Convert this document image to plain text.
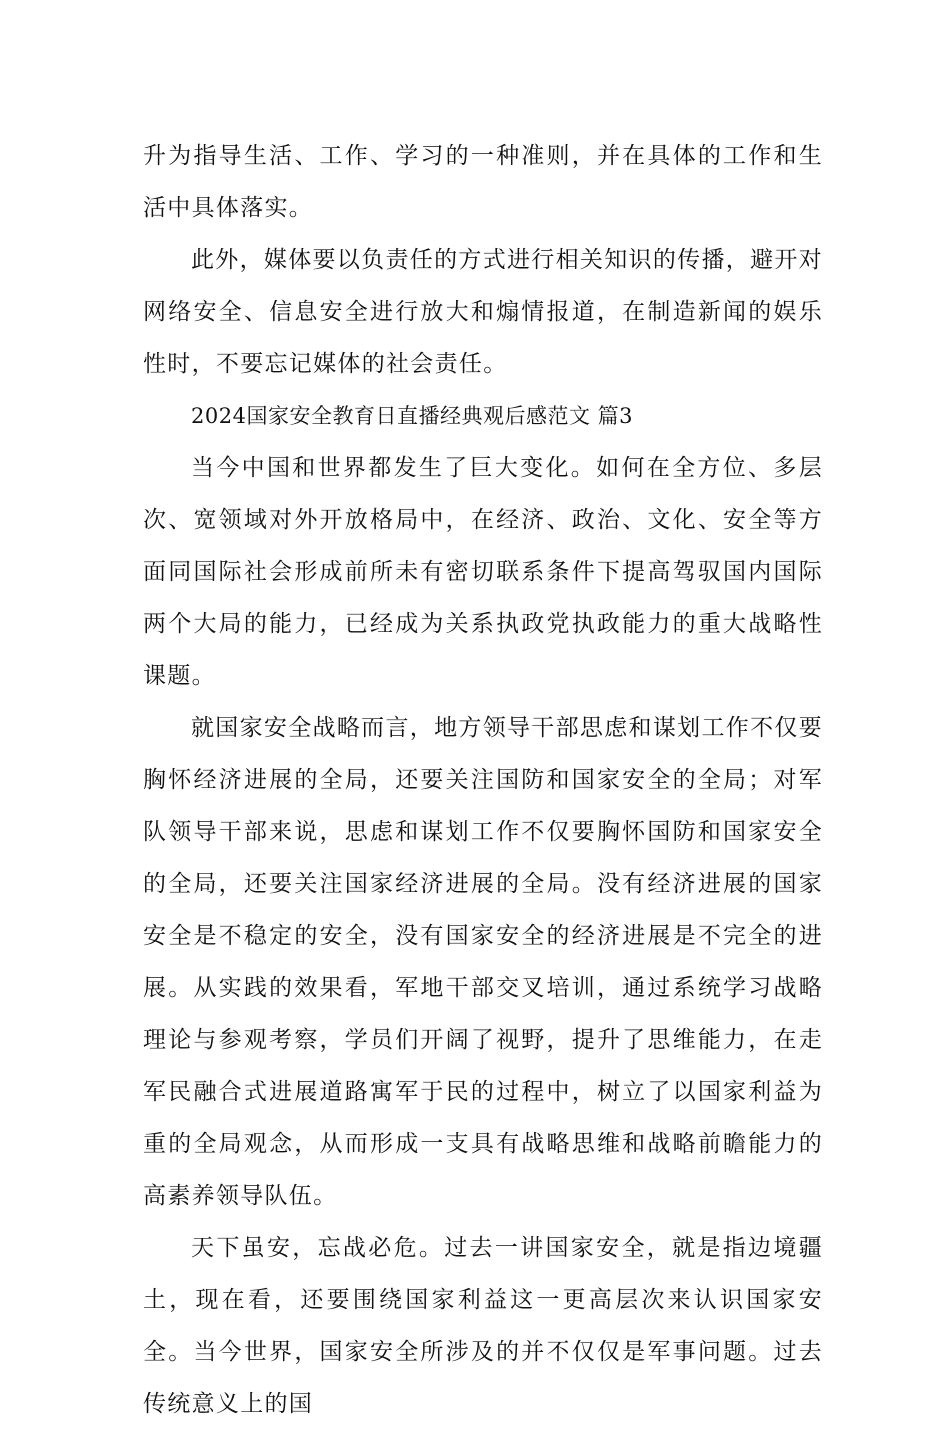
升为指导生活、工作、学习的一种准则，并在具体的工作和生活中具体落实。

此外，媒体要以负责任的方式进行相关知识的传播，避开对网络安全、信息安全进行放大和煽情报道，在制造新闻的娱乐性时，不要忘记媒体的社会责任。

2024国家安全教育日直播经典观后感范文 篇3

当今中国和世界都发生了巨大变化。如何在全方位、多层次、宽领域对外开放格局中，在经济、政治、文化、安全等方面同国际社会形成前所未有密切联系条件下提高驾驭国内国际两个大局的能力，已经成为关系执政党执政能力的重大战略性课题。

就国家安全战略而言，地方领导干部思虑和谋划工作不仅要胸怀经济进展的全局，还要关注国防和国家安全的全局；对军队领导干部来说，思虑和谋划工作不仅要胸怀国防和国家安全的全局，还要关注国家经济进展的全局。没有经济进展的国家安全是不稳定的安全，没有国家安全的经济进展是不完全的进展。从实践的效果看，军地干部交叉培训，通过系统学习战略理论与参观考察，学员们开阔了视野，提升了思维能力，在走军民融合式进展道路寓军于民的过程中，树立了以国家利益为重的全局观念，从而形成一支具有战略思维和战略前瞻能力的高素养领导队伍。

天下虽安，忘战必危。过去一讲国家安全，就是指边境疆土，现在看，还要围绕国家利益这一更高层次来认识国家安全。当今世界，国家安全所涉及的并不仅仅是军事问题。过去传统意义上的国
